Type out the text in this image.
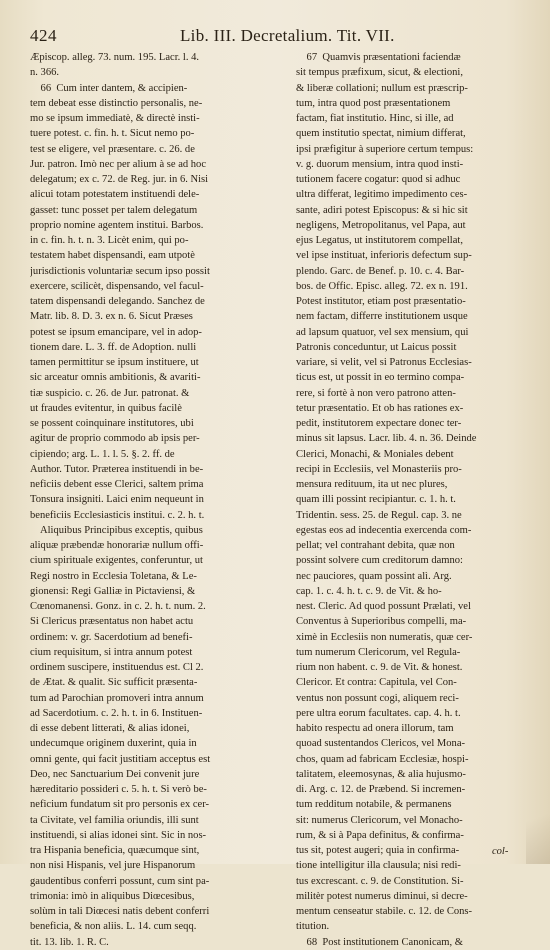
424	Lib. III. Decretalium. Tit. VII.
Æpiscop. alleg. 73. num. 195. Lacr. l. 4.
n. 366.
66  Cum inter dantem, & accipien-
tem debeat esse distinctio personalis, ne-
mo se ipsum immediatè, & directè insti-
tuere potest. c. fin. h. t. Sicut nemo po-
test se eligere, vel præsentare. c. 26. de
Jur. patron. Imò nec per alium à se ad hoc
delegatum; ex c. 72. de Reg. jur. in 6. Nisi
alicui totam potestatem instituendi dele-
gasset: tunc posset per talem delegatum
proprio nomine agentem institui. Barbos.
in c. fin. h. t. n. 3. Licèt enim, qui po-
testatem habet dispensandi, eam utpotè
jurisdictionis voluntariæ secum ipso possit
exercere, scilicèt, dispensando, vel facul-
tatem dispensandi delegando. Sanchez de
Matr. lib. 8. D. 3. ex n. 6. Sicut Præses
potest se ipsum emancipare, vel in adop-
tionem dare. L. 3. ff. de Adoption. nulli
tamen permittitur se ipsum instituere, ut
sic arceatur omnis ambitionis, & avariti-
tiæ suspicio. c. 26. de Jur. patronat. &
ut fraudes evitentur, in quibus facilè
se possent coinquinare institutores, ubi
agitur de proprio commodo ab ipsis per-
cipiendo; arg. L. 1. l. 5. §. 2. ff. de
Author. Tutor. Præterea instituendi in be-
neficiis debent esse Clerici, saltem prima
Tonsura insigniti. Laici enim nequeunt in
beneficiis Ecclesiasticis institui. c. 2. h. t.
Aliquibus Principibus exceptis, quibus
aliquæ præbendæ honorariæ nullum offi-
cium spirituale exigentes, conferuntur, ut
Regi nostro in Ecclesia Toletana, & Le-
gionensi: Regi Galliæ in Pictaviensi, &
Cœnomanensi. Gonz. in c. 2. h. t. num. 2.
Si Clericus præsentatus non habet actu
ordinem: v. gr. Sacerdotium ad benefi-
cium requisitum, si intra annum potest
ordinem suscipere, instituendus est. Cl 2.
de Ætat. & qualit. Sic sufficit præsenta-
tum ad Parochian promoveri intra annum
ad Sacerdotium. c. 2. h. t. in 6. Instituen-
di esse debent litterati, & alias idonei,
undecumque originem duxerint, quia in
omni gente, qui facit justitiam acceptus est
Deo, nec Sanctuarium Dei convenit jure
hæreditario possideri c. 5. h. t. Si verò be-
neficium fundatum sit pro personis ex cer-
ta Civitate, vel familia oriundis, illi sunt
instituendi, si alias idonei sint. Sic in nos-
tra Hispania beneficia, quæcumque sint,
non nisi Hispanis, vel jure Hispanorum
gaudentibus conferri possunt, cum sint pa-
trimonia: imò in aliquibus Diœcesibus,
solùm in tali Diœcesi natis debent conferri
beneficia, & non aliis. L. 14. cum seqq.
tit. 13. lib. 1. R. C.
67  Quamvis præsentationi faciendæ
sit tempus præfixum, sicut, & electioni,
& liberæ collationi; nullum est præscrip-
tum, intra quod post præsentationem
factam, fiat institutio. Hinc, si ille, ad
quem institutio spectat, nimium differat,
ipsi præfigitur à superiore certum tempus:
v. g. duorum mensium, intra quod insti-
tutionem facere cogatur: quod si adhuc
ultra differat, legitimo impedimento ces-
sante, adiri potest Episcopus: & si hic sit
negligens, Metropolitanus, vel Papa, aut
ejus Legatus, ut institutorem compellat,
vel ipse instituat, inferioris defectum sup-
plendo. Garc. de Benef. p. 10. c. 4. Bar-
bos. de Offic. Episc. alleg. 72. ex n. 191.
Potest institutor, etiam post præsentatio-
nem factam, differre institutionem usque
ad lapsum quatuor, vel sex mensium, qui
Patronis conceduntur, ut Laicus possit
variare, si velit, vel si Patronus Ecclesias-
ticus est, ut possit in eo termino compa-
rere, si fortè à non vero patrono atten-
tetur præsentatio. Et ob has rationes ex-
pedit, institutorem expectare donec ter-
minus sit lapsus. Lacr. lib. 4. n. 36. Deinde
Clerici, Monachi, & Moniales debent
recipi in Ecclesiis, vel Monasteriis pro-
mensura redituum, ita ut nec plures,
quam illi possint recipiantur. c. 1. h. t.
Tridentin. sess. 25. de Regul. cap. 3. ne
egestas eos ad indecentia exercenda com-
pellat; vel contrahant debita, quæ non
possint solvere cum creditorum damno:
nec pauciores, quam possint alì. Arg.
cap. 1. c. 4. h. t. c. 9. de Vit. & ho-
nest. Cleric. Ad quod possunt Prælati, vel
Conventus à Superioribus compelli, ma-
ximè in Ecclesiis non numeratis, quæ cer-
tum numerum Clericorum, vel Regula-
rium non habent. c. 9. de Vit. & honest.
Clericor. Et contra: Capitula, vel Con-
ventus non possunt cogi, aliquem reci-
pere ultra eorum facultates. cap. 4. h. t.
habito respectu ad onera illorum, tam
quoad sustentandos Clericos, vel Mona-
chos, quam ad fabricam Ecclesiæ, hospi-
talitatem, eleemosynas, & alia hujusmo-
di. Arg. c. 12. de Præbend. Si incremen-
tum redditum notabile, & permanens
sit: numerus Clericorum, vel Monacho-
rum, & si à Papa definitus, & confirma-
tus sit, potest augeri; quia in confirma-
tione intelligitur illa clausula; nisi redi-
tus excrescant. c. 9. de Constitution. Si-
militèr potest numerus diminui, si decre-
mentum censeatur stabile. c. 12. de Cons-
titution.
68  Post institutionem Canonicam, &
col-
